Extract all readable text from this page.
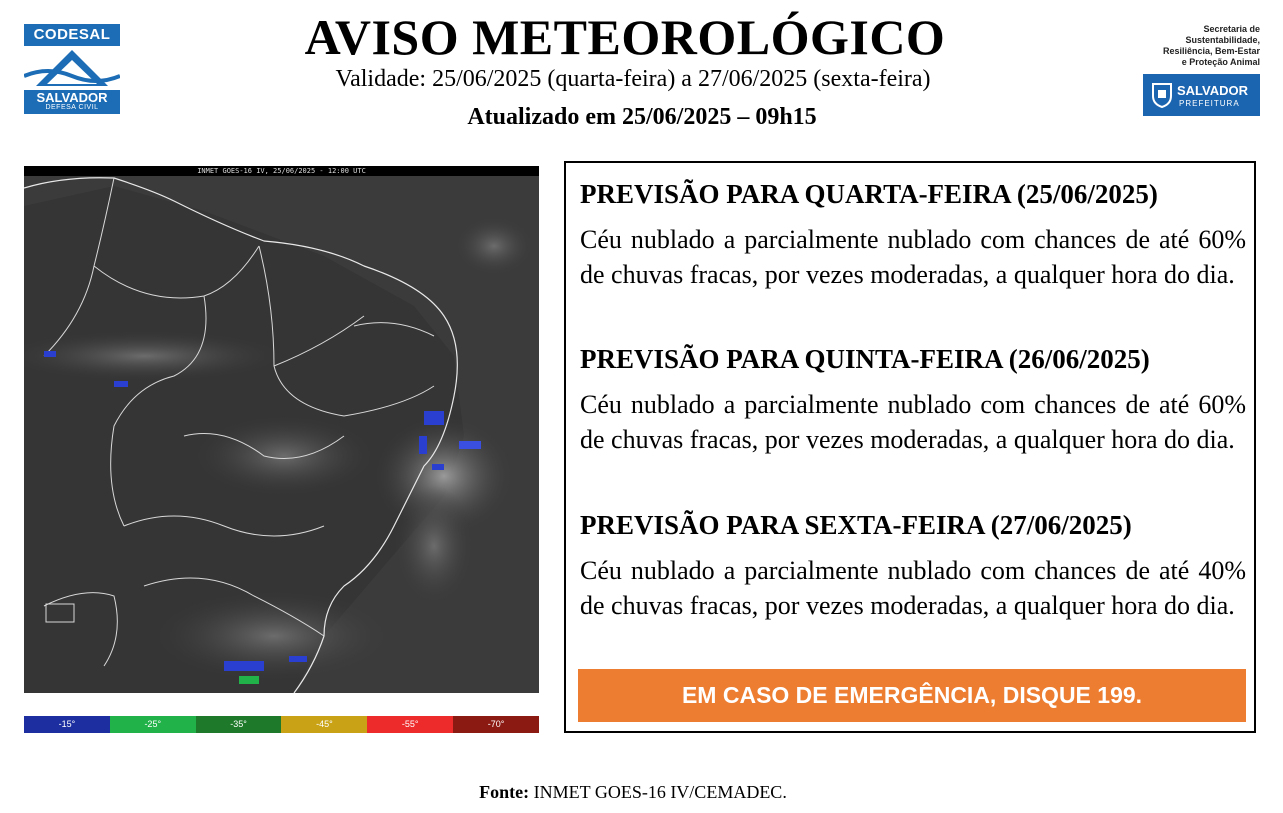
CODESAL
SALVADOR
DEFESA CIVIL
Secretaria de
Sustentabilidade,
Resiliência, Bem-Estar
e Proteção Animal
SALVADOR
PREFEITURA
AVISO METEOROLÓGICO
Validade: 25/06/2025 (quarta-feira) a 27/06/2025 (sexta-feira)
Atualizado em 25/06/2025 – 09h15
INMET GOES-16 IV, 25/06/2025 - 12:00 UTC
-15°	-25°	-35°	-45°	-55°	-70°
PREVISÃO PARA QUARTA-FEIRA (25/06/2025)
Céu nublado a parcialmente nublado com chances de até 60% de chuvas fracas, por vezes moderadas, a qualquer hora do dia.
PREVISÃO PARA QUINTA-FEIRA (26/06/2025)
Céu nublado a parcialmente nublado com chances de até 60% de chuvas fracas, por vezes moderadas, a qualquer hora do dia.
PREVISÃO PARA SEXTA-FEIRA (27/06/2025)
Céu nublado a parcialmente nublado com chances de até 40% de chuvas fracas, por vezes moderadas, a qualquer hora do dia.
EM CASO DE EMERGÊNCIA, DISQUE 199.
Fonte: INMET GOES-16 IV/CEMADEC.
